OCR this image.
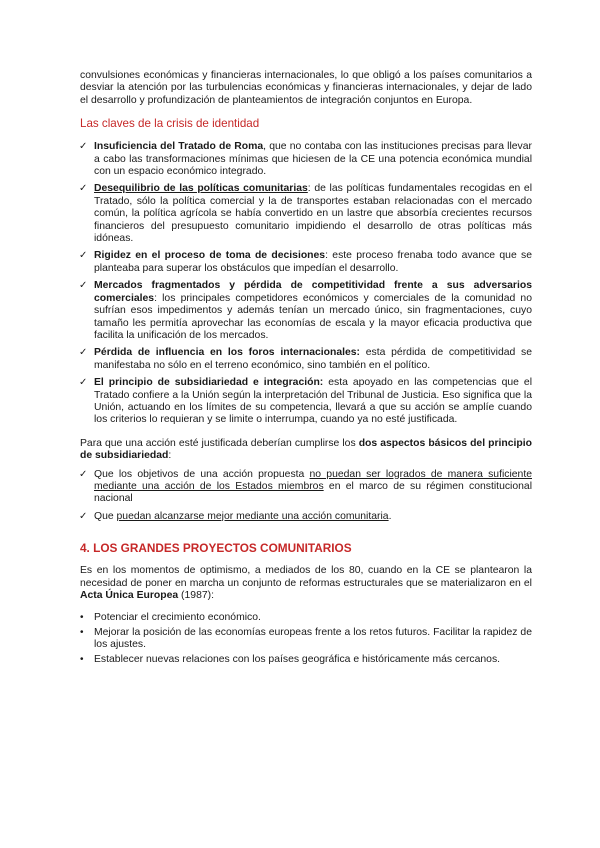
convulsiones económicas y financieras internacionales, lo que obligó a los países comunitarios a desviar la atención por las turbulencias económicas y financieras internacionales, y dejar de lado el desarrollo y profundización de planteamientos de integración conjuntos en Europa.

Las claves de la crisis de identidad
✓ Insuficiencia del Tratado de Roma, que no contaba con las instituciones precisas para llevar a cabo las transformaciones mínimas que hiciesen de la CE una potencia económica mundial con un espacio económico integrado.
✓ Desequilibrio de las políticas comunitarias: de las políticas fundamentales recogidas en el Tratado, sólo la política comercial y la de transportes estaban relacionadas con el mercado común, la política agrícola se había convertido en un lastre que absorbía crecientes recursos financieros del presupuesto comunitario impidiendo el desarrollo de otras políticas más idóneas.
✓ Rigidez en el proceso de toma de decisiones: este proceso frenaba todo avance que se planteaba para superar los obstáculos que impedían el desarrollo.
✓ Mercados fragmentados y pérdida de competitividad frente a sus adversarios comerciales: los principales competidores económicos y comerciales de la comunidad no sufrían esos impedimentos y además tenían un mercado único, sin fragmentaciones, cuyo tamaño les permitía aprovechar las economías de escala y la mayor eficacia productiva que facilita la unificación de los mercados.
✓ Pérdida de influencia en los foros internacionales: esta pérdida de competitividad se manifestaba no sólo en el terreno económico, sino también en el político.
✓ El principio de subsidiariedad e integración: esta apoyado en las competencias que el Tratado confiere a la Unión según la interpretación del Tribunal de Justicia. Eso significa que la Unión, actuando en los límites de su competencia, llevará a que su acción se amplíe cuando los criterios lo requieran y se limite o interrumpa, cuando ya no esté justificada.

Para que una acción esté justificada deberían cumplirse los dos aspectos básicos del principio de subsidiariedad:

✓ Que los objetivos de una acción propuesta no puedan ser logrados de manera suficiente mediante una acción de los Estados miembros en el marco de su régimen constitucional nacional
✓ Que puedan alcanzarse mejor mediante una acción comunitaria.
4. LOS GRANDES PROYECTOS COMUNITARIOS

Es en los momentos de optimismo, a mediados de los 80, cuando en la CE se plantearon la necesidad de poner en marcha un conjunto de reformas estructurales que se materializaron en el Acta Única Europea (1987):

• Potenciar el crecimiento económico.
• Mejorar la posición de las economías europeas frente a los retos futuros. Facilitar la rapidez de los ajustes.
• Establecer nuevas relaciones con los países geográfica e históricamente más cercanos.
